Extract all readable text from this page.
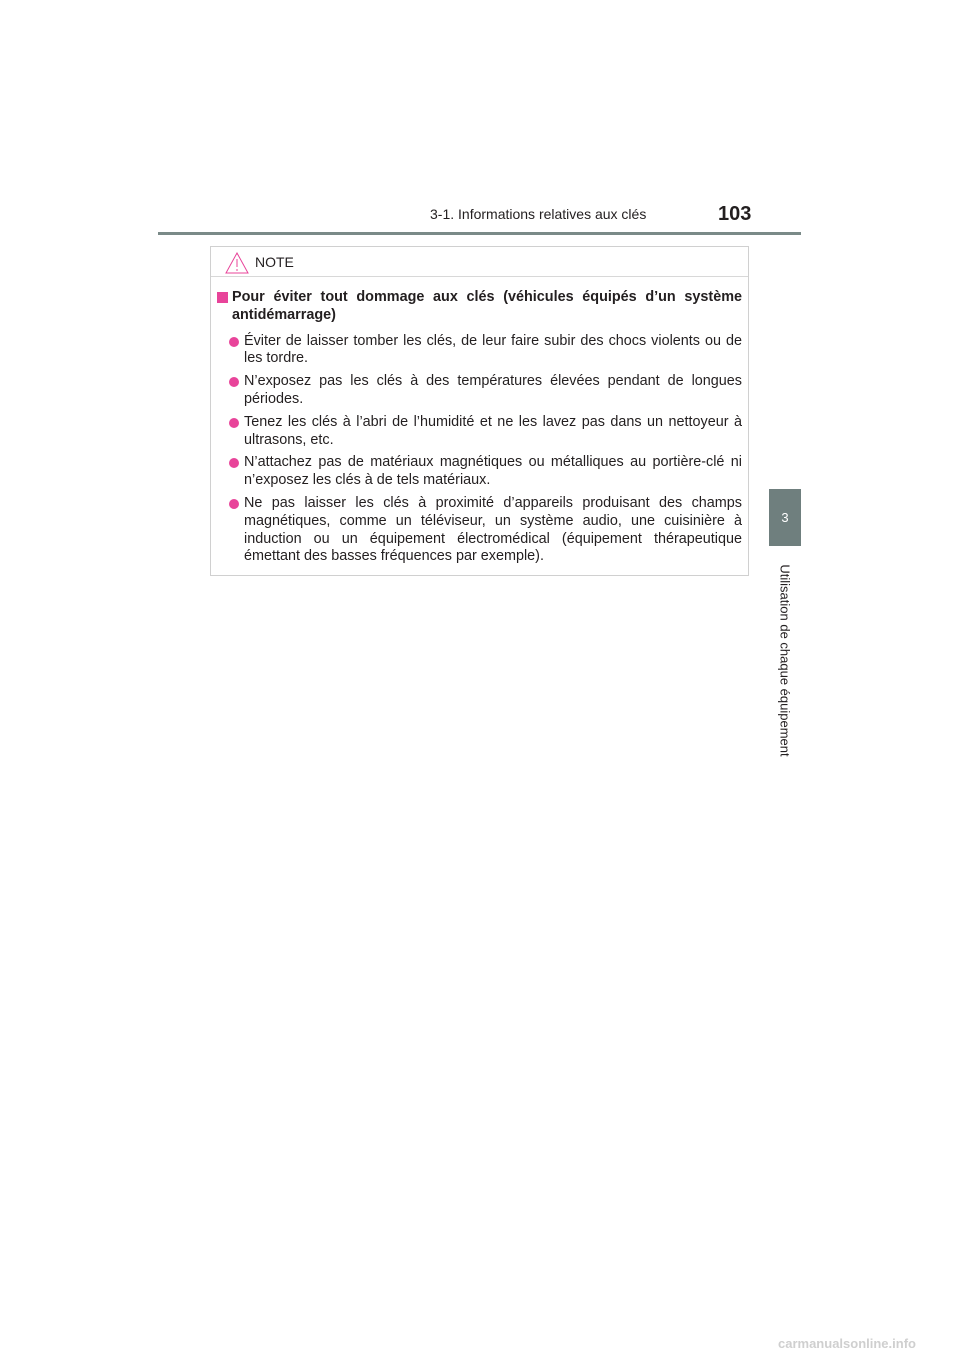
3-1. Informations relatives aux clés	103
3
Utilisation de chaque équipement
NOTE
Pour éviter tout dommage aux clés (véhicules équipés d’un système antidémarrage)
Éviter de laisser tomber les clés, de leur faire subir des chocs violents ou de les tordre.
N’exposez pas les clés à des températures élevées pendant de longues périodes.
Tenez les clés à l’abri de l’humidité et ne les lavez pas dans un nettoyeur à ultrasons, etc.
N’attachez pas de matériaux magnétiques ou métalliques au portière-clé ni n’exposez les clés à de tels matériaux.
Ne pas laisser les clés à proximité d’appareils produisant des champs magnétiques, comme un téléviseur, un système audio, une cuisinière à induction ou un équipement électromédical (équipement thérapeutique émettant des basses fréquences par exemple).
carmanualsonline.info
